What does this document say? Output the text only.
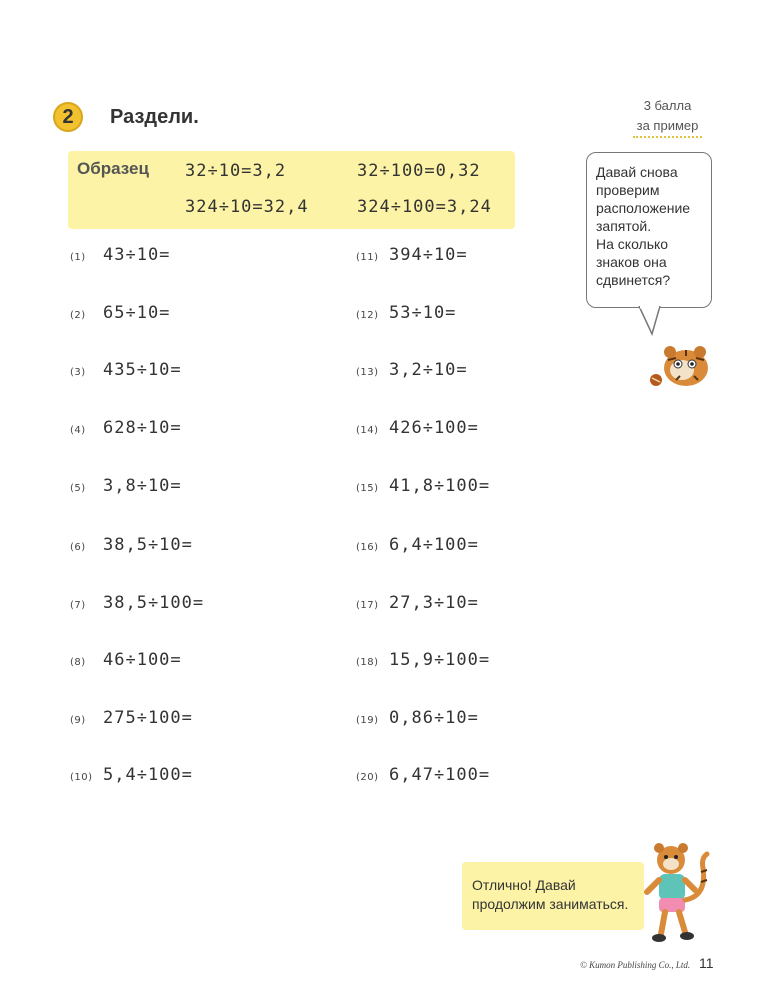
2	Раздели.
3 балла
за пример
Образец 32÷10=3,2	32÷100=0,32
324÷10=32,4	324÷100=3,24
(1)	43÷10=
(2)	65÷10=
(3)	435÷10=
(4)	628÷10=
(5)	3,8÷10=
(6)	38,5÷10=
(7)	38,5÷100=
(8)	46÷100=
(9)	275÷100=
(10) 5,4÷100=
(11) 394÷10=
(12) 53÷10=
(13) 3,2÷10=
(14) 426÷100=
(15) 41,8÷100=
(16) 6,4÷100=
(17) 27,3÷10=
(18) 15,9÷100=
(19) 0,86÷10=
(20) 6,47÷100=
Давай снова
проверим
расположение
запятой.
На сколько
знаков она
сдвинется?
Отлично! Давай
продолжим заниматься.
© Kumon Publishing Co., Ltd. 11
